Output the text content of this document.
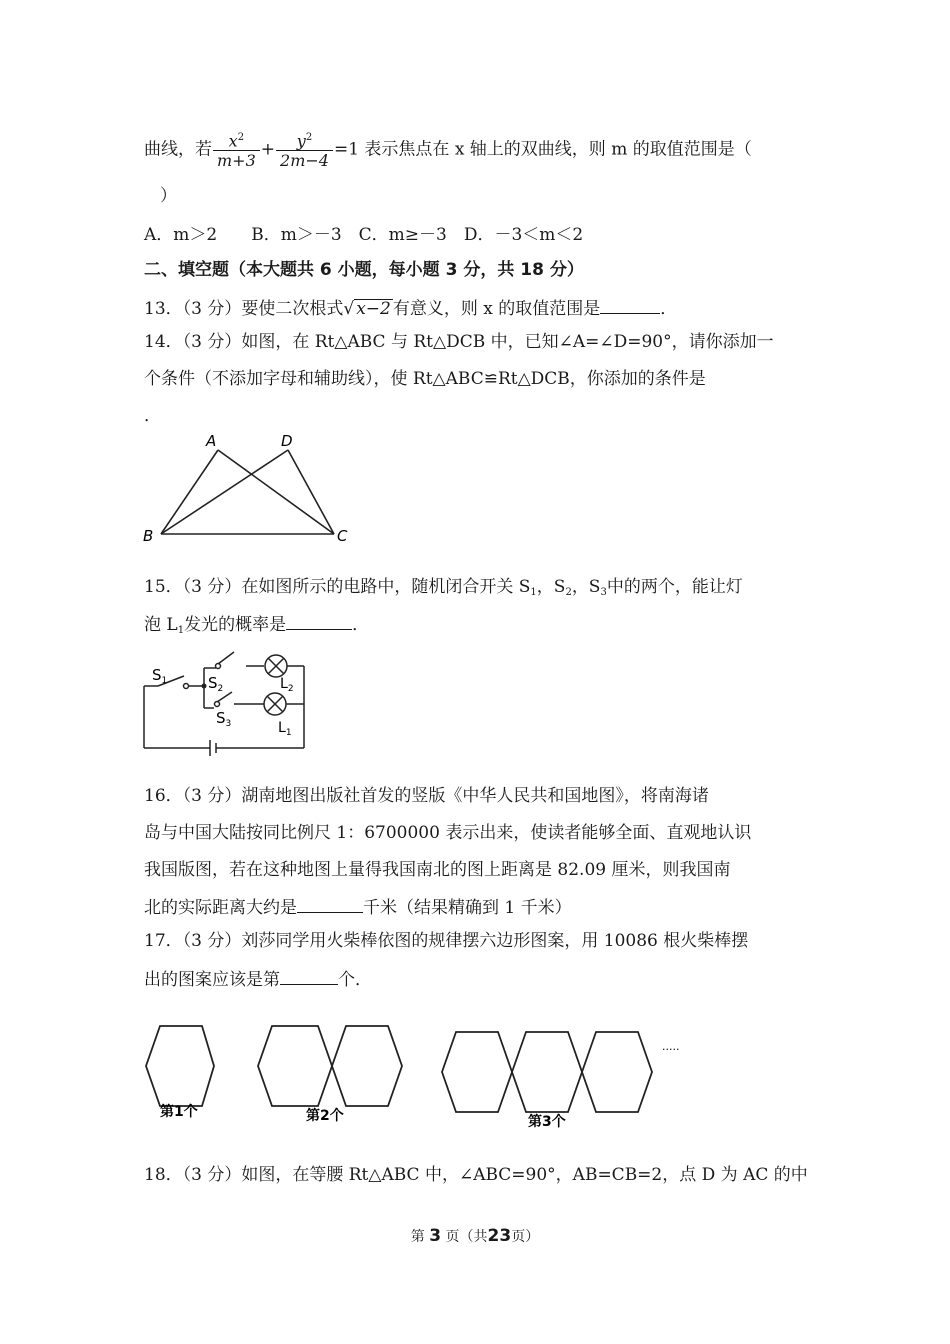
曲线，若 $\frac{x^2}{m+3} + \frac{y^2}{2m-4} =1$ 表示焦点在 x 轴上的双曲线，则 m 的取值范围是（
）
A．m＞2　　B．m＞－3　C．m≥－3　D．－3＜m＜2
二、填空题（本大题共 6 小题，每小题 3 分，共 18 分）
13．（3 分）要使二次根式√ x−2 有意义，则 x 的取值范围是	．
14．（3 分）如图，在 Rt△ABC 与 Rt△DCB 中，已知∠A=∠D=90°，请你添加一
个条件（不添加字母和辅助线），使 Rt△ABC≌Rt△DCB，你添加的条件是
．
A	D
B	C
15．（3 分）在如图所示的电路中，随机闭合开关 $S_1$，$S_2$，$S_3$中的两个，能让灯
泡 $L_1$发光的概率是	．
$S_1$	$S_2$
$S_3$
$L_2$
$L_1$
16．（3 分）湖南地图出版社首发的竖版《中华人民共和国地图》，将南海诸
岛与中国大陆按同比例尺 1：6700000 表示出来，使读者能够全面、直观地认识
我国版图，若在这种地图上量得我国南北的图上距离是 82.09 厘米，则我国南
北的实际距离大约是	千米（结果精确到 1 千米）
17．（3 分）刘莎同学用火柴棒依图的规律摆六边形图案，用 10086 根火柴棒摆
出的图案应该是第	个．
.....
第1个	第2个	第3个
18．（3 分）如图，在等腰 Rt△ABC 中，∠ABC=90°，AB=CB=2，点 D 为 AC 的中
第 3 页（共23页）
